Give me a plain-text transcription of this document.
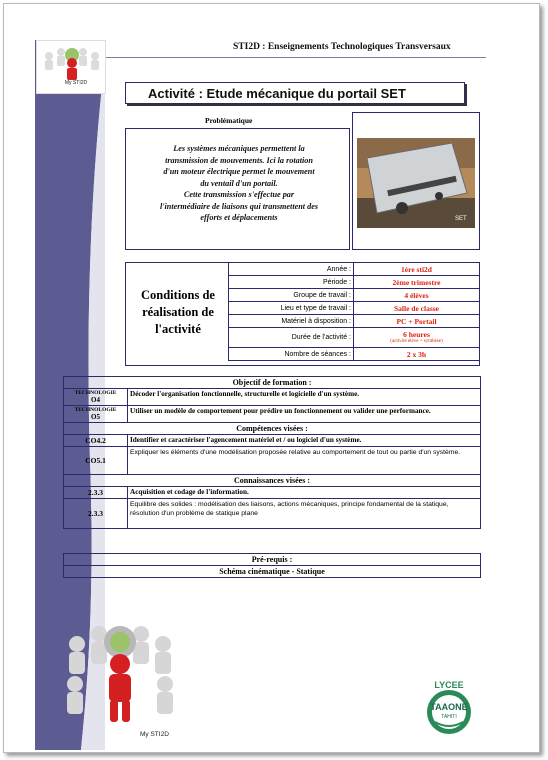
My STI2D
STI2D : Enseignements Technologiques Transversaux
Activité :
Etude mécanique du portail SET
Problématique
Les systèmes mécaniques permettent la
transmission de mouvements. Ici la rotation
d'un moteur électrique permet le mouvement
du ventail d'un portail.
Cette transmission s'effectue par
l'intermédiaire de liaisons qui transmettent des
efforts et déplacements	SET
Conditions de
réalisation de
l'activité
Année :	1ère sti2d
Période :	2ème trimestre
Groupe de travail :	4 élèves
Lieu et type de travail :	Salle de classe
Matériel à disposition :	PC + Portail
Durée de l'activité :	6 heures
(activité élève + synthèse)

Nombre de séances :	2 x 3h
Objectif de formation :	

TECHNOLOGIE
O4	Décoder l'organisation fonctionnelle, structurelle et logicielle d'un système.

TECHNOLOGIE
O5	Utiliser un modèle de comportement pour prédire un fonctionnement ou valider une performance.
Compétences visées :	
CO4.2	Identifier et caractériser l'agencement matériel et / ou logiciel d'un système.
CO5.1	Expliquer les éléments d'une modélisation proposée relative au comportement de tout ou partie d'un système.
Connaissances visées :	
2.3.3	Acquisition et codage de l'information.
2.3.3	Equilibre des solides : modélisation des liaisons, actions mécaniques, principe fondamental de la statique, résolution d'un problème de statique plane
Pré-requis :
Schéma cinématique - Statique
My STI2D
LYCEE
TAAONE
TAHITI
